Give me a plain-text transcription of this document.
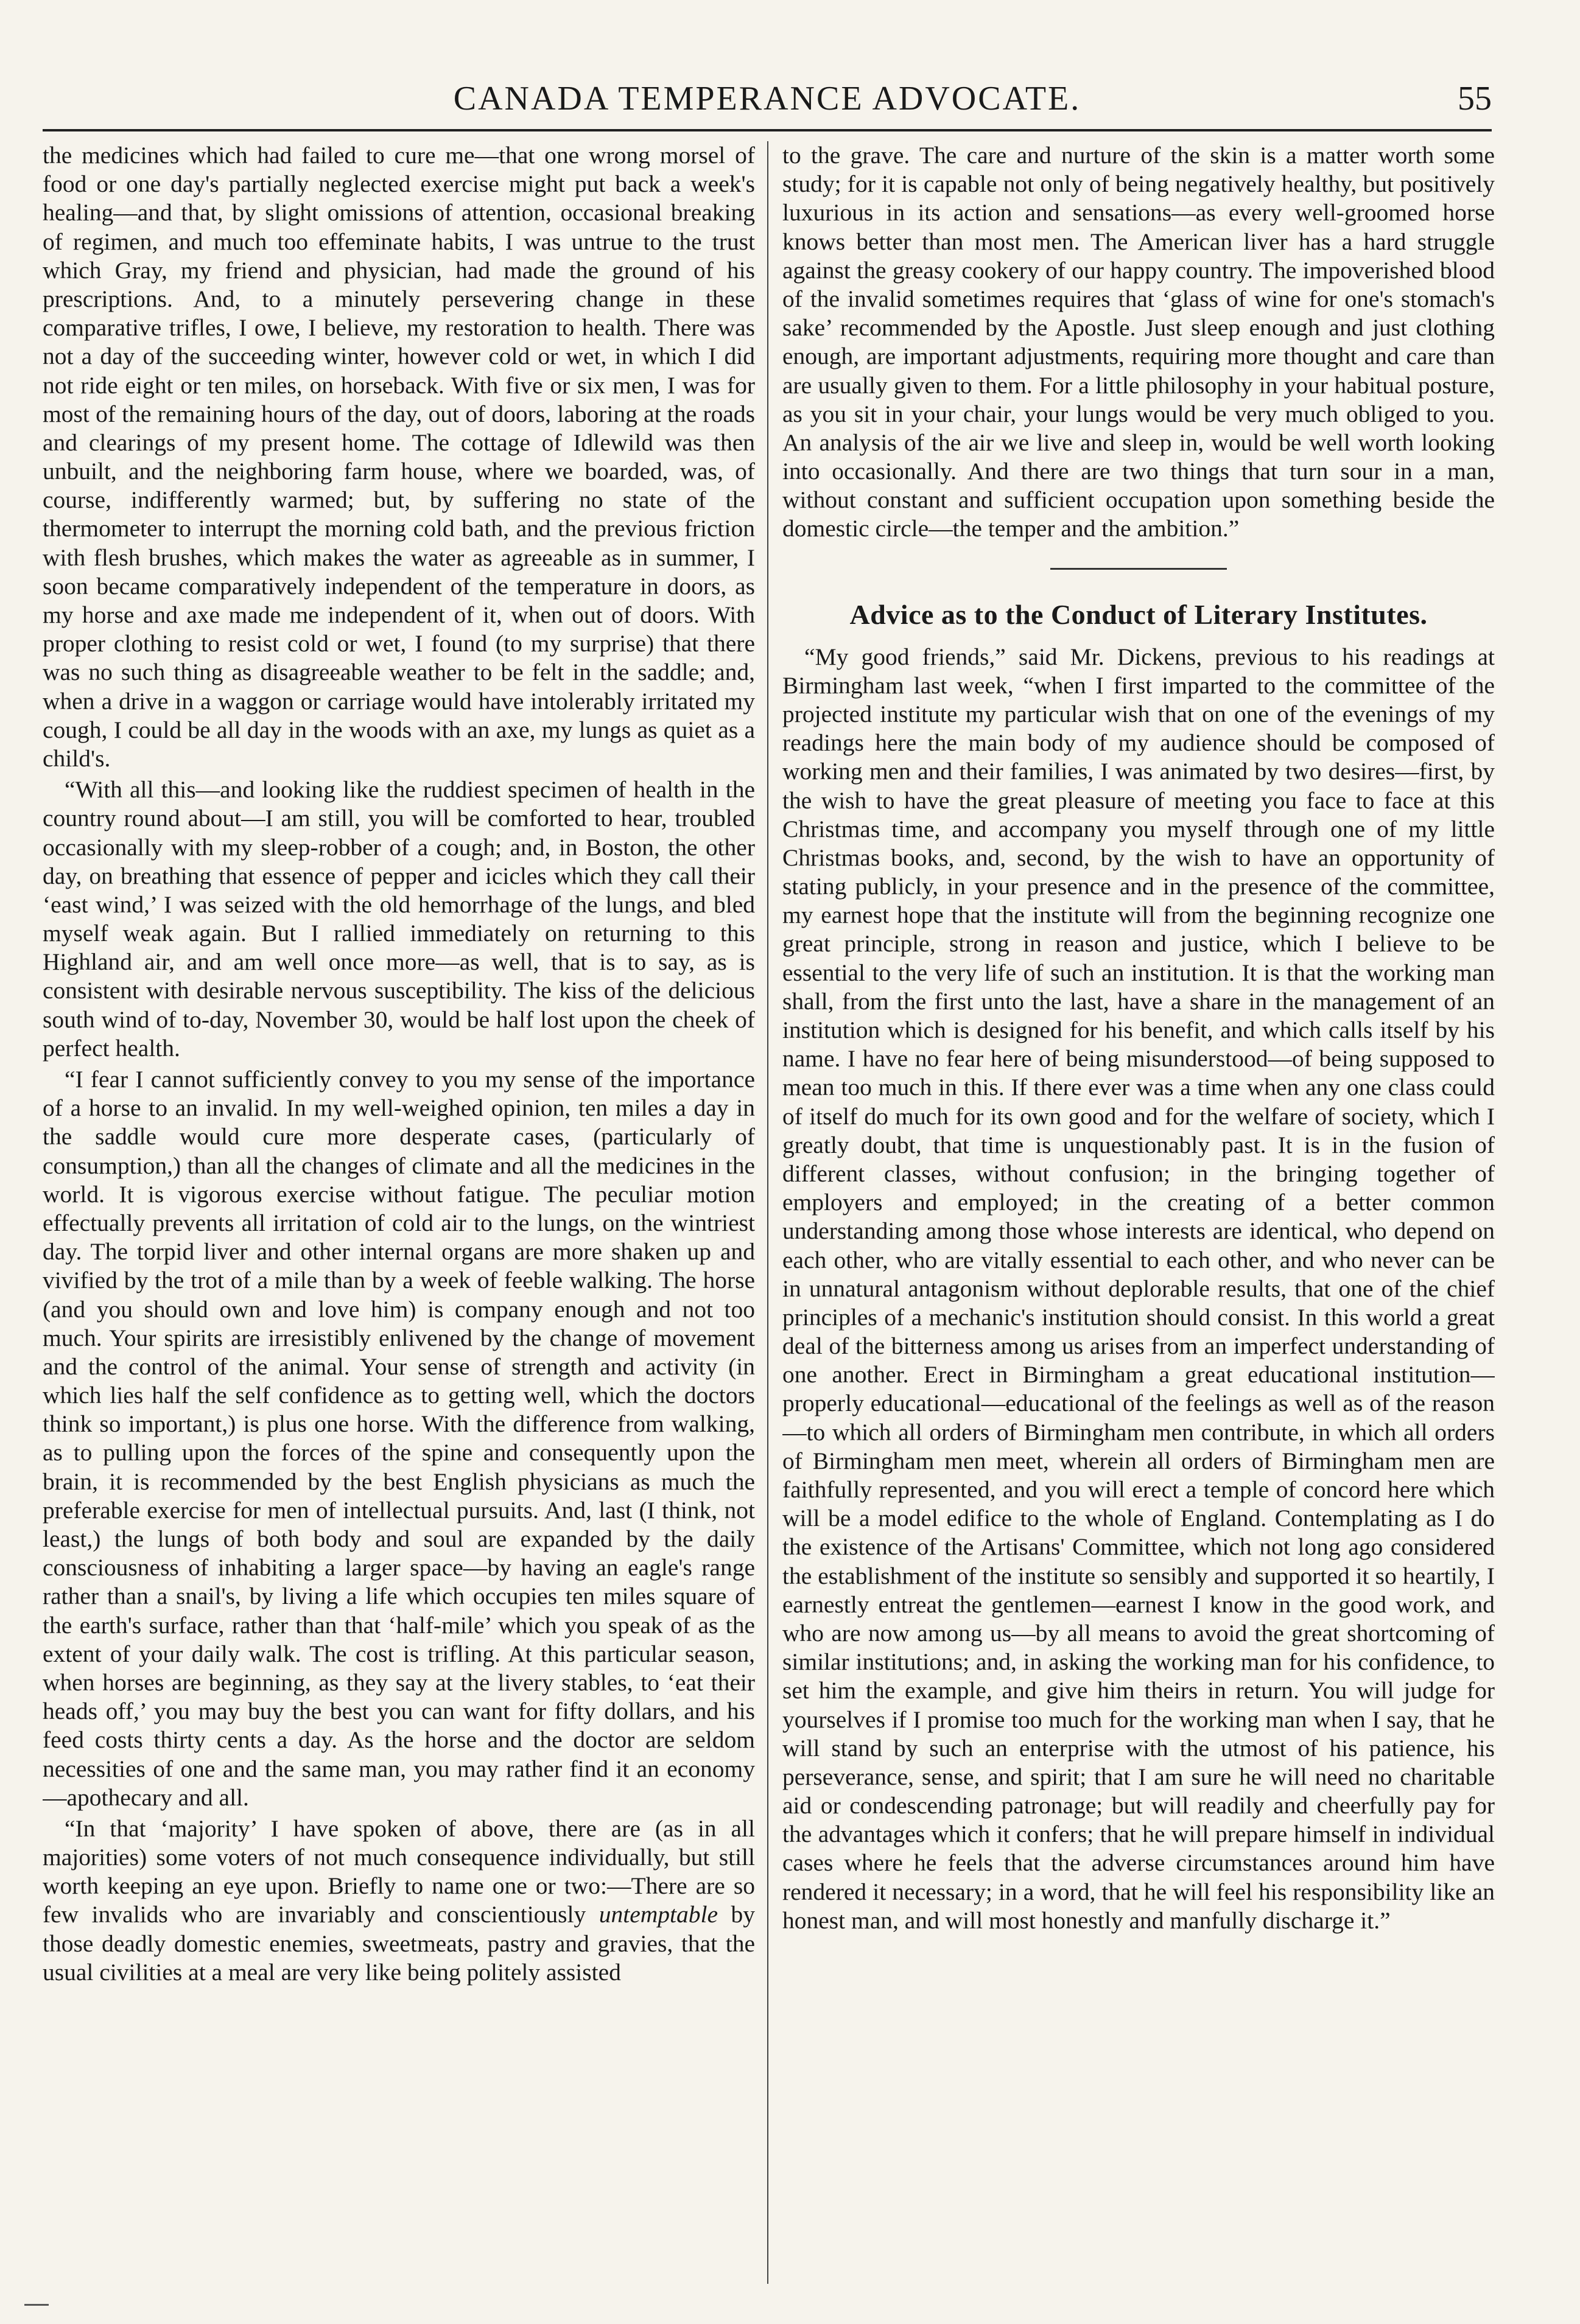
CANADA TEMPERANCE ADVOCATE.	55

the medicines which had failed to cure me—that one wrong morsel of food or one day's partially neglected exercise might put back a week's healing—and that, by slight omissions of attention, occasional breaking of regimen, and much too effeminate habits, I was untrue to the trust which Gray, my friend and physician, had made the ground of his prescriptions. And, to a minutely persevering change in these comparative trifles, I owe, I believe, my restoration to health. There was not a day of the succeeding winter, however cold or wet, in which I did not ride eight or ten miles, on horseback. With five or six men, I was for most of the remaining hours of the day, out of doors, laboring at the roads and clearings of my present home. The cottage of Idlewild was then unbuilt, and the neighboring farm house, where we boarded, was, of course, indifferently warmed; but, by suffering no state of the thermometer to interrupt the morning cold bath, and the previous friction with flesh brushes, which makes the water as agreeable as in summer, I soon became comparatively independent of the temperature in doors, as my horse and axe made me independent of it, when out of doors. With proper clothing to resist cold or wet, I found (to my surprise) that there was no such thing as disagreeable weather to be felt in the saddle; and, when a drive in a waggon or carriage would have intolerably irritated my cough, I could be all day in the woods with an axe, my lungs as quiet as a child's.

“With all this—and looking like the ruddiest specimen of health in the country round about—I am still, you will be comforted to hear, troubled occasionally with my sleep-robber of a cough; and, in Boston, the other day, on breathing that essence of pepper and icicles which they call their ‘east wind,’ I was seized with the old hemorrhage of the lungs, and bled myself weak again. But I rallied immediately on returning to this Highland air, and am well once more—as well, that is to say, as is consistent with desirable nervous susceptibility. The kiss of the delicious south wind of to-day, November 30, would be half lost upon the cheek of perfect health.

“I fear I cannot sufficiently convey to you my sense of the importance of a horse to an invalid. In my well-weighed opinion, ten miles a day in the saddle would cure more desperate cases, (particularly of consumption,) than all the changes of climate and all the medicines in the world. It is vigorous exercise without fatigue. The peculiar motion effectually prevents all irritation of cold air to the lungs, on the wintriest day. The torpid liver and other internal organs are more shaken up and vivified by the trot of a mile than by a week of feeble walking. The horse (and you should own and love him) is company enough and not too much. Your spirits are irresistibly enlivened by the change of movement and the control of the animal. Your sense of strength and activity (in which lies half the self confidence as to getting well, which the doctors think so important,) is plus one horse. With the difference from walking, as to pulling upon the forces of the spine and consequently upon the brain, it is recommended by the best English physicians as much the preferable exercise for men of intellectual pursuits. And, last (I think, not least,) the lungs of both body and soul are expanded by the daily consciousness of inhabiting a larger space—by having an eagle's range rather than a snail's, by living a life which occupies ten miles square of the earth's surface, rather than that ‘half-mile’ which you speak of as the extent of your daily walk. The cost is trifling. At this particular season, when horses are beginning, as they say at the livery stables, to ‘eat their heads off,’ you may buy the best you can want for fifty dollars, and his feed costs thirty cents a day. As the horse and the doctor are seldom necessities of one and the same man, you may rather find it an economy—apothecary and all.

“In that ‘majority’ I have spoken of above, there are (as in all majorities) some voters of not much consequence individually, but still worth keeping an eye upon. Briefly to name one or two:—There are so few invalids who are invariably and conscientiously untemptable by those deadly domestic enemies, sweetmeats, pastry and gravies, that the usual civilities at a meal are very like being politely assisted

to the grave. The care and nurture of the skin is a matter worth some study; for it is capable not only of being negatively healthy, but positively luxurious in its action and sensations—as every well-groomed horse knows better than most men. The American liver has a hard struggle against the greasy cookery of our happy country. The impoverished blood of the invalid sometimes requires that ‘glass of wine for one's stomach's sake’ recommended by the Apostle. Just sleep enough and just clothing enough, are important adjustments, requiring more thought and care than are usually given to them. For a little philosophy in your habitual posture, as you sit in your chair, your lungs would be very much obliged to you. An analysis of the air we live and sleep in, would be well worth looking into occasionally. And there are two things that turn sour in a man, without constant and sufficient occupation upon something beside the domestic circle—the temper and the ambition.”

Advice as to the Conduct of Literary Institutes.

“My good friends,” said Mr. Dickens, previous to his readings at Birmingham last week, “when I first imparted to the committee of the projected institute my particular wish that on one of the evenings of my readings here the main body of my audience should be composed of working men and their families, I was animated by two desires—first, by the wish to have the great pleasure of meeting you face to face at this Christmas time, and accompany you myself through one of my little Christmas books, and, second, by the wish to have an opportunity of stating publicly, in your presence and in the presence of the committee, my earnest hope that the institute will from the beginning recognize one great principle, strong in reason and justice, which I believe to be essential to the very life of such an institution. It is that the working man shall, from the first unto the last, have a share in the management of an institution which is designed for his benefit, and which calls itself by his name. I have no fear here of being misunderstood—of being supposed to mean too much in this. If there ever was a time when any one class could of itself do much for its own good and for the welfare of society, which I greatly doubt, that time is unquestionably past. It is in the fusion of different classes, without confusion; in the bringing together of employers and employed; in the creating of a better common understanding among those whose interests are identical, who depend on each other, who are vitally essential to each other, and who never can be in unnatural antagonism without deplorable results, that one of the chief principles of a mechanic's institution should consist. In this world a great deal of the bitterness among us arises from an imperfect understanding of one another. Erect in Birmingham a great educational institution—properly educational—educational of the feelings as well as of the reason—to which all orders of Birmingham men contribute, in which all orders of Birmingham men meet, wherein all orders of Birmingham men are faithfully represented, and you will erect a temple of concord here which will be a model edifice to the whole of England. Contemplating as I do the existence of the Artisans' Committee, which not long ago considered the establishment of the institute so sensibly and supported it so heartily, I earnestly entreat the gentlemen—earnest I know in the good work, and who are now among us—by all means to avoid the great shortcoming of similar institutions; and, in asking the working man for his confidence, to set him the example, and give him theirs in return. You will judge for yourselves if I promise too much for the working man when I say, that he will stand by such an enterprise with the utmost of his patience, his perseverance, sense, and spirit; that I am sure he will need no charitable aid or condescending patronage; but will readily and cheerfully pay for the advantages which it confers; that he will prepare himself in individual cases where he feels that the adverse circumstances around him have rendered it necessary; in a word, that he will feel his responsibility like an honest man, and will most honestly and manfully discharge it.”
